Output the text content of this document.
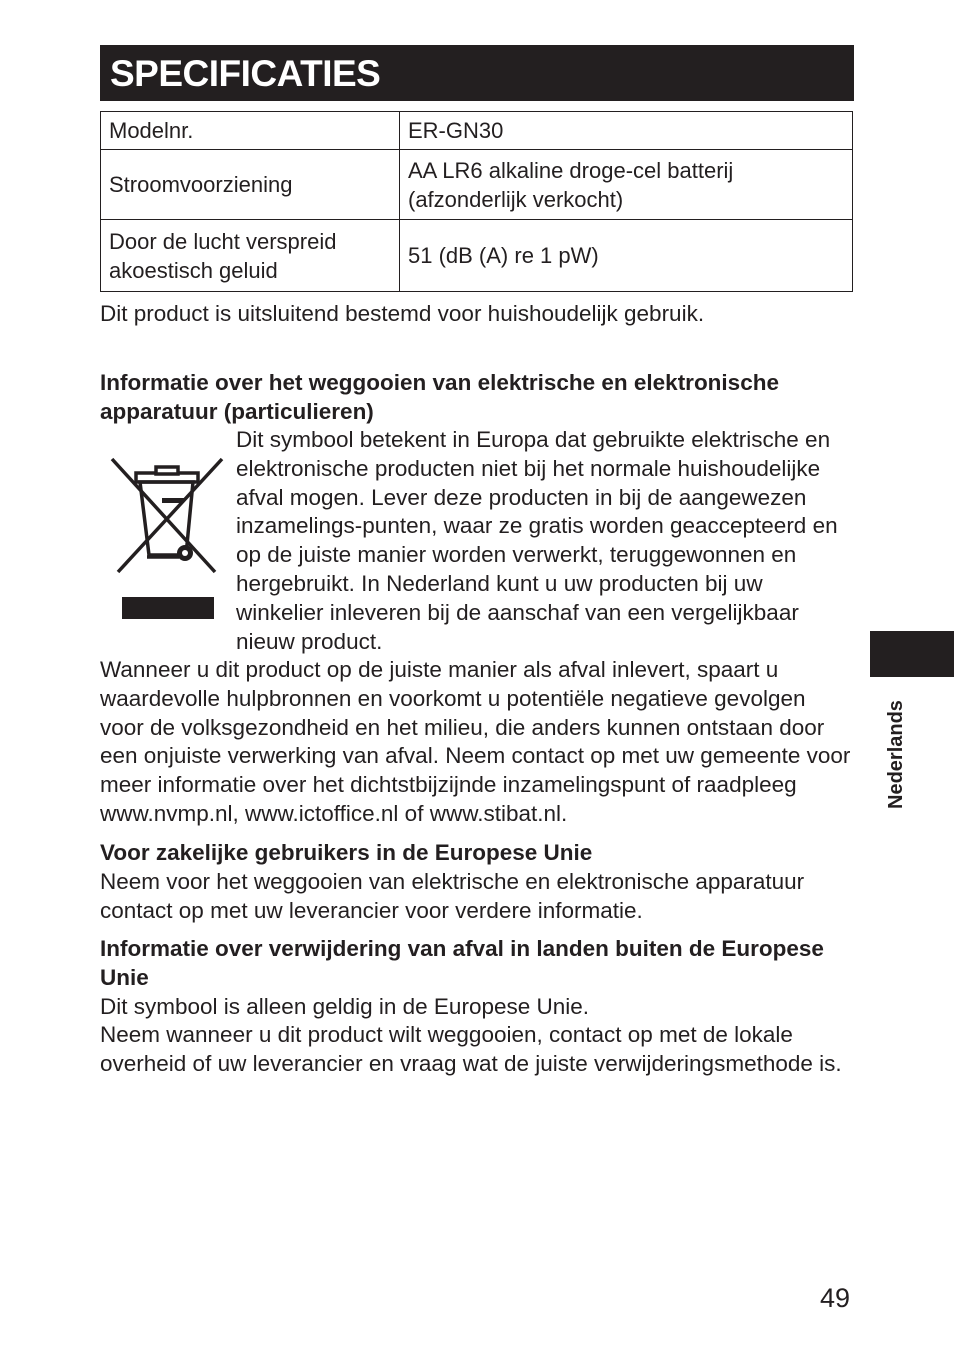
SPECIFICATIES
Modelnr.	ER-GN30
Stroomvoorziening	AA LR6 alkaline droge-cel batterij (afzonderlijk verkocht)
Door de lucht verspreid akoestisch geluid	51 (dB (A) re 1 pW)

Dit product is uitsluitend bestemd voor huishoudelijk gebruik.

Informatie over het weggooien van elektrische en elektronische apparatuur (particulieren)

Dit symbool betekent in Europa dat gebruikte elektrische en elektronische producten niet bij het normale huishoudelijke afval mogen. Lever deze producten in bij de aangewezen inzamelings-punten, waar ze gratis worden geaccepteerd en op de juiste manier worden verwerkt, teruggewonnen en hergebruikt. In Nederland kunt u uw producten bij uw winkelier inleveren bij de aanschaf van een vergelijkbaar nieuw product.

Wanneer u dit product op de juiste manier als afval inlevert, spaart u waardevolle hulpbronnen en voorkomt u potentiële negatieve gevolgen voor de volksgezondheid en het milieu, die anders kunnen ontstaan door een onjuiste verwerking van afval. Neem contact op met uw gemeente voor meer informatie over het dichtstbijzijnde inzamelingspunt of raadpleeg www.nvmp.nl, www.ictoffice.nl of www.stibat.nl.

Voor zakelijke gebruikers in de Europese Unie

Neem voor het weggooien van elektrische en elektronische apparatuur contact op met uw leverancier voor verdere informatie.

Informatie over verwijdering van afval in landen buiten de Europese Unie

Dit symbool is alleen geldig in de Europese Unie.

Neem wanneer u dit product wilt weggooien, contact op met de lokale overheid of uw leverancier en vraag wat de juiste verwijderingsmethode is.

Nederlands
49
